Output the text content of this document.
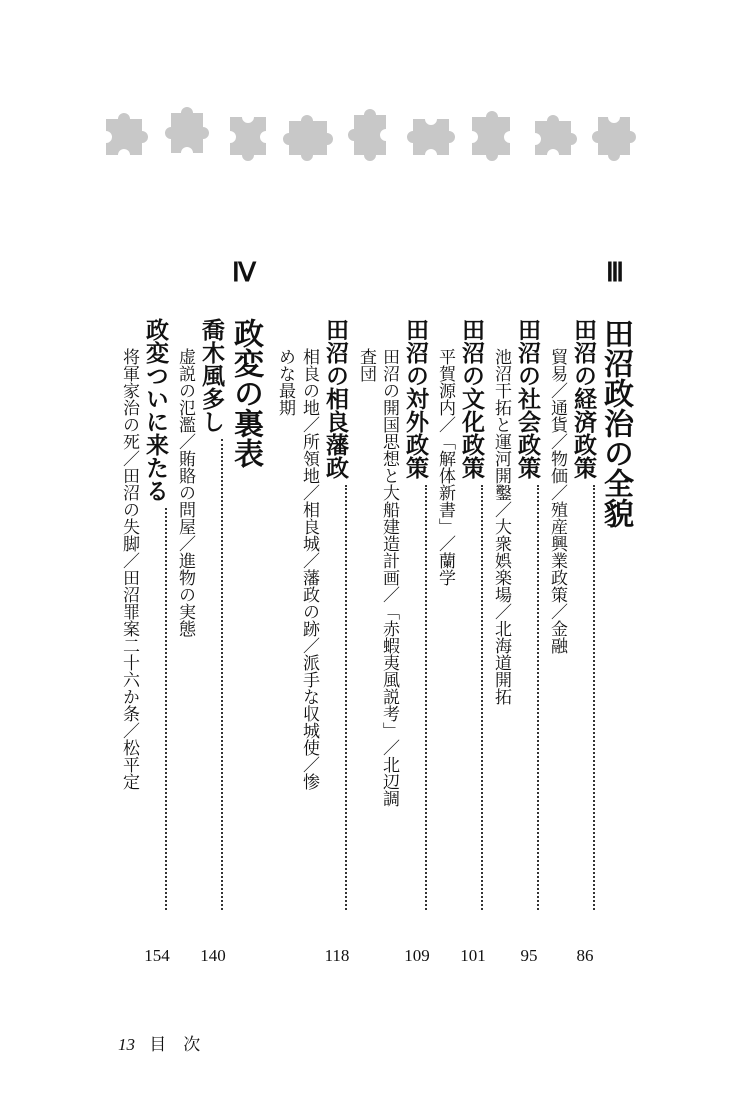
Ⅲ
田沼政治の全貌
田沼の経済政策
貿易／通貨／物価／殖産興業政策／金融
86
田沼の社会政策
池沼干拓と運河開鑿／大衆娯楽場／北海道開拓
95
田沼の文化政策
平賀源内／「解体新書」／蘭学
101
田沼の対外政策
田沼の開国思想と大船建造計画／「赤蝦夷風説考」／北辺調
査団
109
田沼の相良藩政
相良の地／所領地／相良城／藩政の跡／派手な収城使／惨
めな最期
118
Ⅳ
政変の裏表
喬木風多し
虚説の氾濫／賄賂の問屋／進物の実態
140
政変ついに来たる
将軍家治の死／田沼の失脚／田沼罪案二十六か条／松平定
154
13 目　次
